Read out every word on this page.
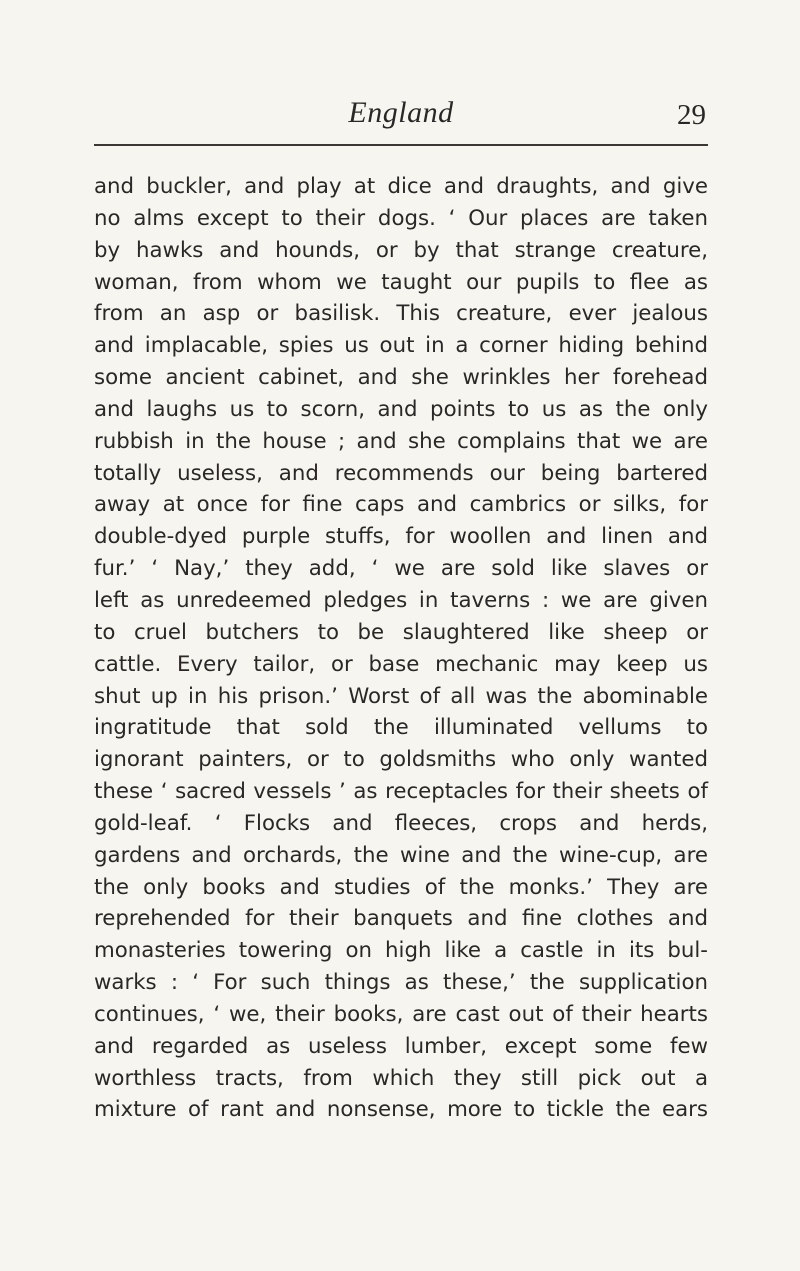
England	29
and buckler, and play at dice and draughts, and give
no alms except to their dogs. ‘ Our places are taken
by hawks and hounds, or by that strange creature,
woman, from whom we taught our pupils to flee as
from an asp or basilisk. This creature, ever jealous
and implacable, spies us out in a corner hiding behind
some ancient cabinet, and she wrinkles her forehead
and laughs us to scorn, and points to us as the only
rubbish in the house ; and she complains that we are
totally useless, and recommends our being bartered
away at once for fine caps and cambrics or silks, for
double-dyed purple stuffs, for woollen and linen and
fur.’ ‘ Nay,’ they add, ‘ we are sold like slaves or
left as unredeemed pledges in taverns : we are given
to cruel butchers to be slaughtered like sheep or
cattle. Every tailor, or base mechanic may keep us
shut up in his prison.’ Worst of all was the abominable
ingratitude that sold the illuminated vellums to
ignorant painters, or to goldsmiths who only wanted
these ‘ sacred vessels ’ as receptacles for their sheets of
gold-leaf. ‘ Flocks and fleeces, crops and herds,
gardens and orchards, the wine and the wine-cup, are
the only books and studies of the monks.’ They are
reprehended for their banquets and fine clothes and
monasteries towering on high like a castle in its bul-
warks : ‘ For such things as these,’ the supplication
continues, ‘ we, their books, are cast out of their hearts
and regarded as useless lumber, except some few
worthless tracts, from which they still pick out a
mixture of rant and nonsense, more to tickle the ears
